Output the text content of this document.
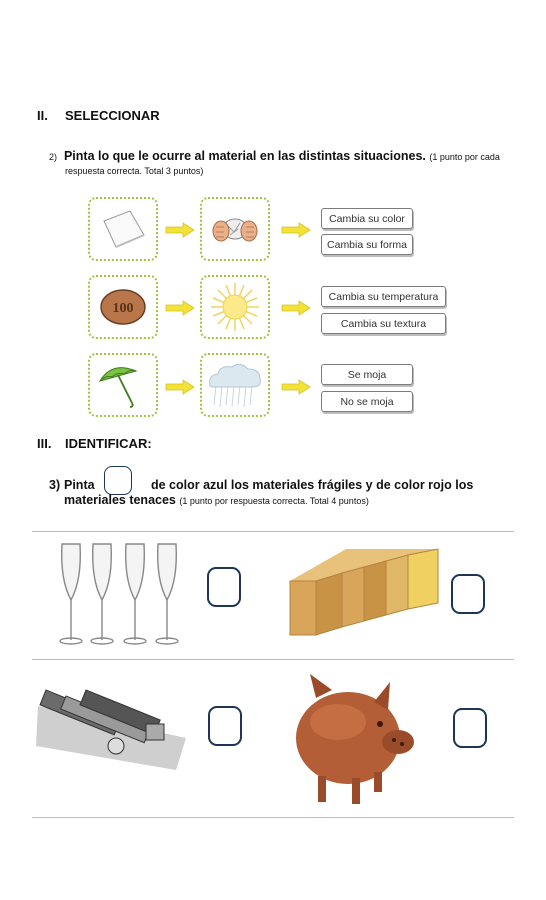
II. SELECCIONAR
2) Pinta lo que le ocurre al material en las distintas situaciones. (1 punto por cada
respuesta correcta. Total 3 puntos)
Cambia su color
Cambia su forma
100
Cambia su temperatura
Cambia su textura
Se moja
No se moja
III. IDENTIFICAR:
3) Pinta	de color azul los materiales frágiles y de color rojo los
materiales tenaces (1 punto por respuesta correcta. Total 4 puntos)
